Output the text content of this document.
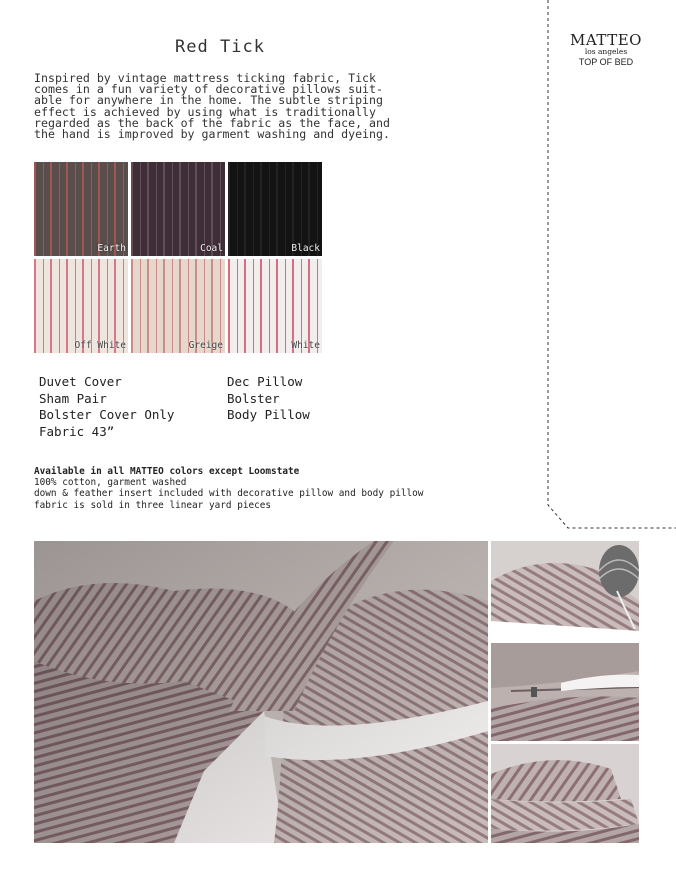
Red Tick
Inspired by vintage mattress ticking fabric, Tick
comes in a fun variety of decorative pillows suit-
able for anywhere in the home. The subtle striping
effect is achieved by using what is traditionally
regarded as the back of the fabric as the face, and
the hand is improved by garment washing and dyeing.
Earth	Coal	Black
Off White	Greige	White
Duvet Cover	Dec Pillow
Sham Pair	Bolster
Bolster Cover Only	Body Pillow
Fabric 43”
Available in all MATTEO colors except Loomstate
100% cotton, garment washed
down & feather insert included with decorative pillow and body pillow
fabric is sold in three linear yard pieces
MATTEO
los angeles
TOP OF BED
